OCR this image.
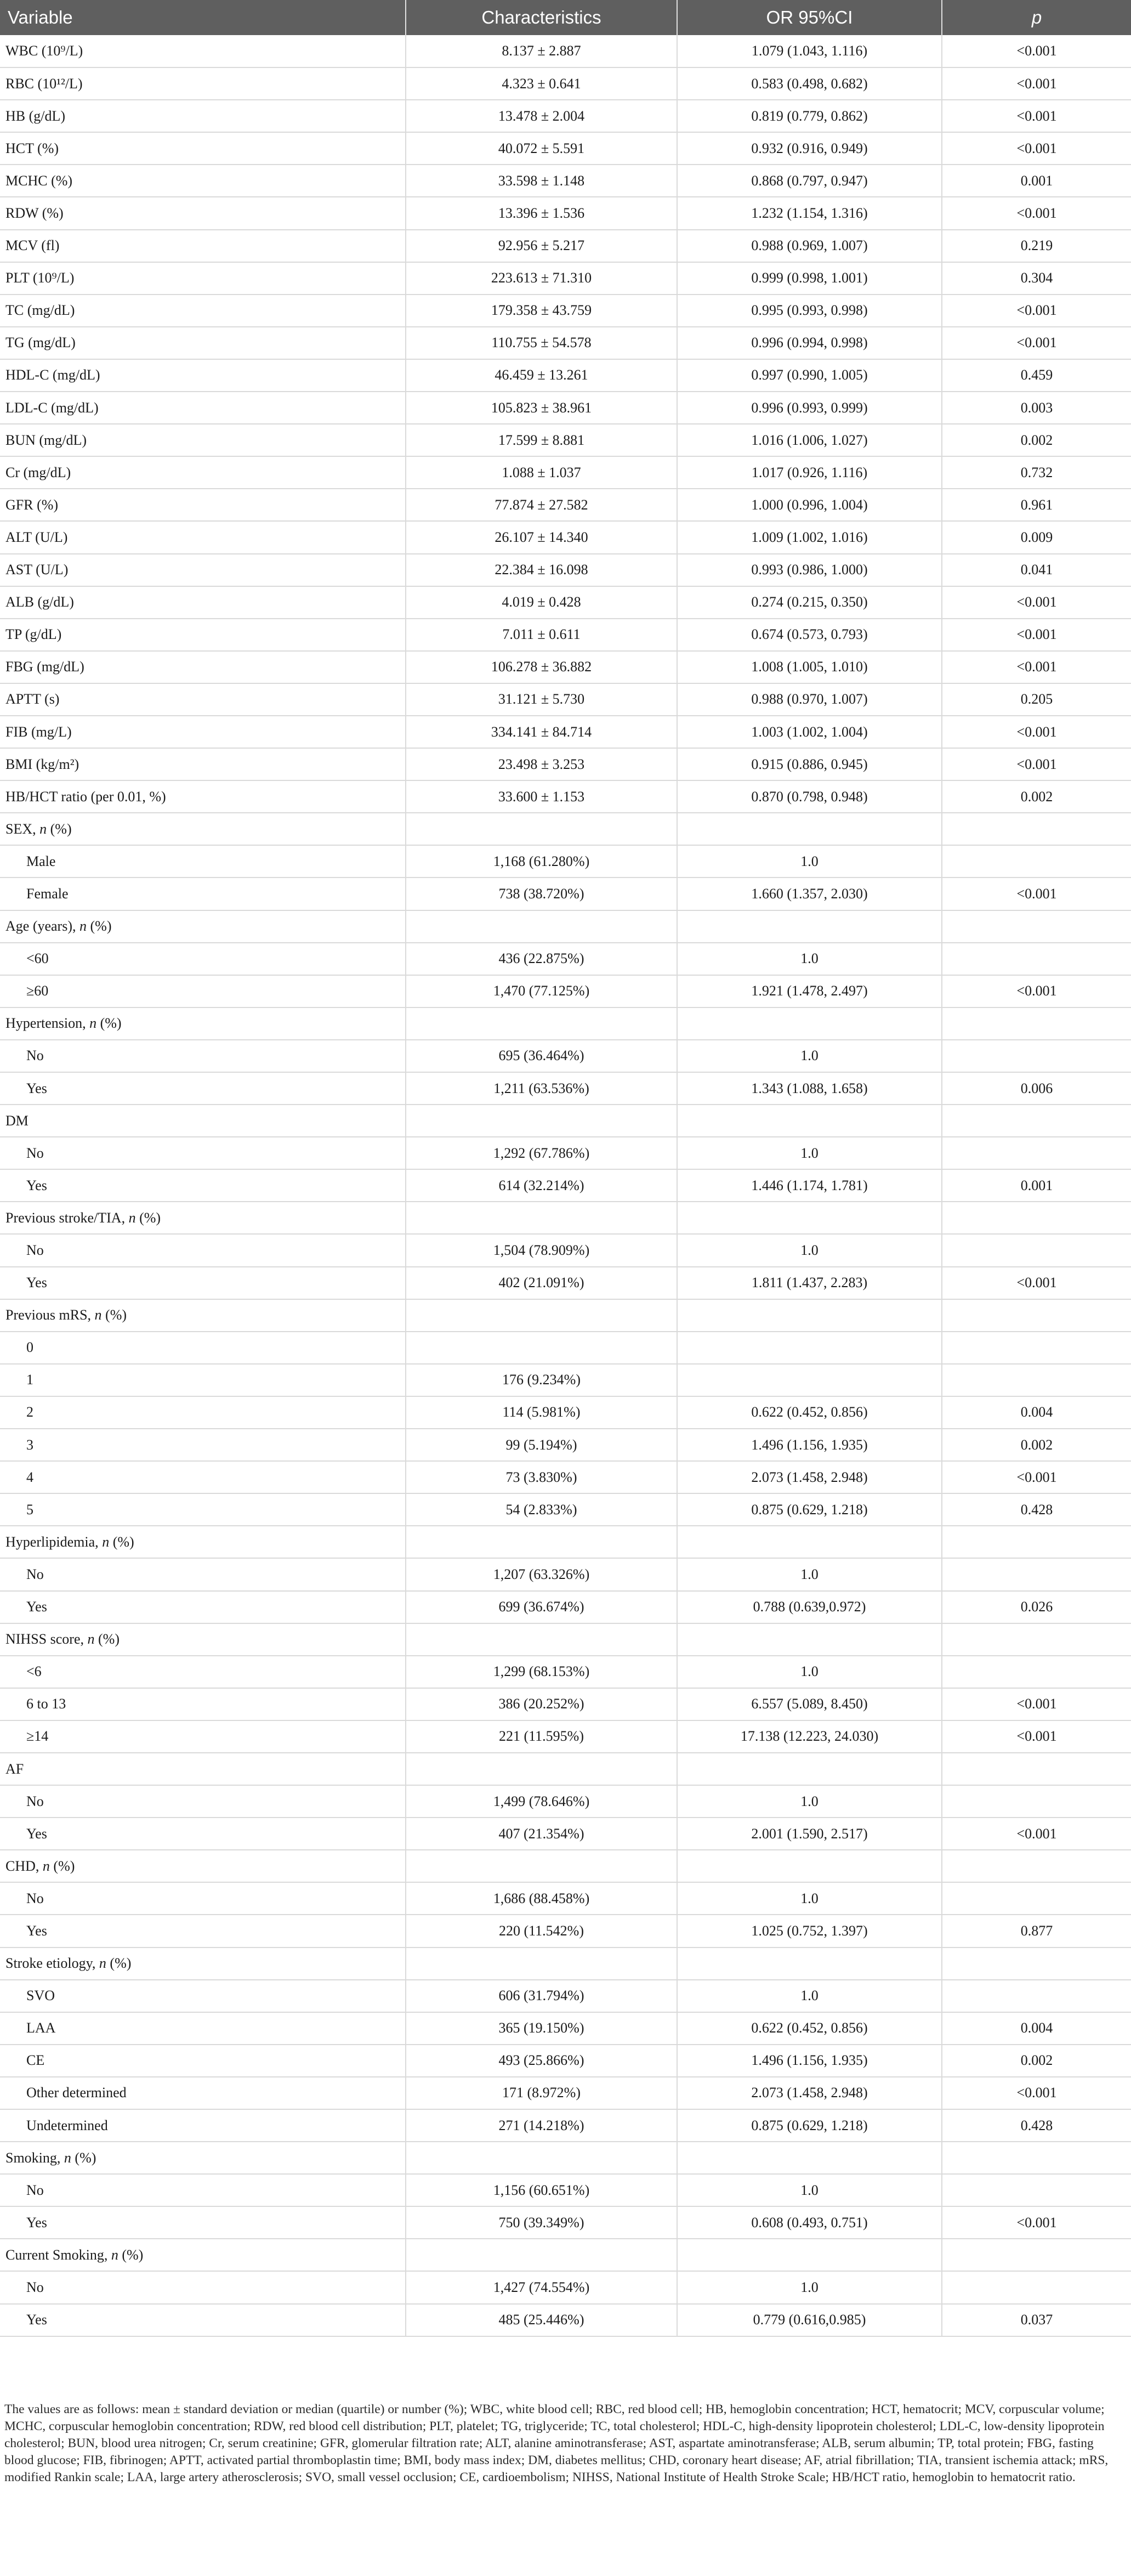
Variable	Characteristics	OR 95%CI	p
WBC (10⁹/L)	8.137 ± 2.887	1.079 (1.043, 1.116)	<0.001
RBC (10¹²/L)	4.323 ± 0.641	0.583 (0.498, 0.682)	<0.001
HB (g/dL)	13.478 ± 2.004	0.819 (0.779, 0.862)	<0.001
HCT (%)	40.072 ± 5.591	0.932 (0.916, 0.949)	<0.001
MCHC (%)	33.598 ± 1.148	0.868 (0.797, 0.947)	0.001
RDW (%)	13.396 ± 1.536	1.232 (1.154, 1.316)	<0.001
MCV (fl)	92.956 ± 5.217	0.988 (0.969, 1.007)	0.219
PLT (10⁹/L)	223.613 ± 71.310	0.999 (0.998, 1.001)	0.304
TC (mg/dL)	179.358 ± 43.759	0.995 (0.993, 0.998)	<0.001
TG (mg/dL)	110.755 ± 54.578	0.996 (0.994, 0.998)	<0.001
HDL-C (mg/dL)	46.459 ± 13.261	0.997 (0.990, 1.005)	0.459
LDL-C (mg/dL)	105.823 ± 38.961	0.996 (0.993, 0.999)	0.003
BUN (mg/dL)	17.599 ± 8.881	1.016 (1.006, 1.027)	0.002
Cr (mg/dL)	1.088 ± 1.037	1.017 (0.926, 1.116)	0.732
GFR (%)	77.874 ± 27.582	1.000 (0.996, 1.004)	0.961
ALT (U/L)	26.107 ± 14.340	1.009 (1.002, 1.016)	0.009
AST (U/L)	22.384 ± 16.098	0.993 (0.986, 1.000)	0.041
ALB (g/dL)	4.019 ± 0.428	0.274 (0.215, 0.350)	<0.001
TP (g/dL)	7.011 ± 0.611	0.674 (0.573, 0.793)	<0.001
FBG (mg/dL)	106.278 ± 36.882	1.008 (1.005, 1.010)	<0.001
APTT (s)	31.121 ± 5.730	0.988 (0.970, 1.007)	0.205
FIB (mg/L)	334.141 ± 84.714	1.003 (1.002, 1.004)	<0.001
BMI (kg/m²)	23.498 ± 3.253	0.915 (0.886, 0.945)	<0.001
HB/HCT ratio (per 0.01, %)	33.600 ± 1.153	0.870 (0.798, 0.948)	0.002
SEX, n (%)			
Male	1,168 (61.280%)	1.0	
Female	738 (38.720%)	1.660 (1.357, 2.030)	<0.001
Age (years), n (%)			
<60	436 (22.875%)	1.0	
≥60	1,470 (77.125%)	1.921 (1.478, 2.497)	<0.001
Hypertension, n (%)			
No	695 (36.464%)	1.0	
Yes	1,211 (63.536%)	1.343 (1.088, 1.658)	0.006
DM			
No	1,292 (67.786%)	1.0	
Yes	614 (32.214%)	1.446 (1.174, 1.781)	0.001
Previous stroke/TIA, n (%)			
No	1,504 (78.909%)	1.0	
Yes	402 (21.091%)	1.811 (1.437, 2.283)	<0.001
Previous mRS, n (%)			
0			
1	176 (9.234%)		
2	114 (5.981%)	0.622 (0.452, 0.856)	0.004
3	99 (5.194%)	1.496 (1.156, 1.935)	0.002
4	73 (3.830%)	2.073 (1.458, 2.948)	<0.001
5	54 (2.833%)	0.875 (0.629, 1.218)	0.428
Hyperlipidemia, n (%)			
No	1,207 (63.326%)	1.0	
Yes	699 (36.674%)	0.788 (0.639,0.972)	0.026
NIHSS score, n (%)			
<6	1,299 (68.153%)	1.0	
6 to 13	386 (20.252%)	6.557 (5.089, 8.450)	<0.001
≥14	221 (11.595%)	17.138 (12.223, 24.030)	<0.001
AF			
No	1,499 (78.646%)	1.0	
Yes	407 (21.354%)	2.001 (1.590, 2.517)	<0.001
CHD, n (%)			
No	1,686 (88.458%)	1.0	
Yes	220 (11.542%)	1.025 (0.752, 1.397)	0.877
Stroke etiology, n (%)			
SVO	606 (31.794%)	1.0	
LAA	365 (19.150%)	0.622 (0.452, 0.856)	0.004
CE	493 (25.866%)	1.496 (1.156, 1.935)	0.002
Other determined	171 (8.972%)	2.073 (1.458, 2.948)	<0.001
Undetermined	271 (14.218%)	0.875 (0.629, 1.218)	0.428
Smoking, n (%)			
No	1,156 (60.651%)	1.0	
Yes	750 (39.349%)	0.608 (0.493, 0.751)	<0.001
Current Smoking, n (%)			
No	1,427 (74.554%)	1.0	
Yes	485 (25.446%)	0.779 (0.616,0.985)	0.037
The values are as follows: mean ± standard deviation or median (quartile) or number (%); WBC, white blood cell; RBC, red blood cell; HB, hemoglobin concentration; HCT, hematocrit; MCV, corpuscular volume; MCHC, corpuscular hemoglobin concentration; RDW, red blood cell distribution; PLT, platelet; TG, triglyceride; TC, total cholesterol; HDL-C, high-density lipoprotein cholesterol; LDL-C, low-density lipoprotein cholesterol; BUN, blood urea nitrogen; Cr, serum creatinine; GFR, glomerular filtration rate; ALT, alanine aminotransferase; AST, aspartate aminotransferase; ALB, serum albumin; TP, total protein; FBG, fasting blood glucose; FIB, fibrinogen; APTT, activated partial thromboplastin time; BMI, body mass index; DM, diabetes mellitus; CHD, coronary heart disease; AF, atrial fibrillation; TIA, transient ischemia attack; mRS, modified Rankin scale; LAA, large artery atherosclerosis; SVO, small vessel occlusion; CE, cardioembolism; NIHSS, National Institute of Health Stroke Scale; HB/HCT ratio, hemoglobin to hematocrit ratio.
